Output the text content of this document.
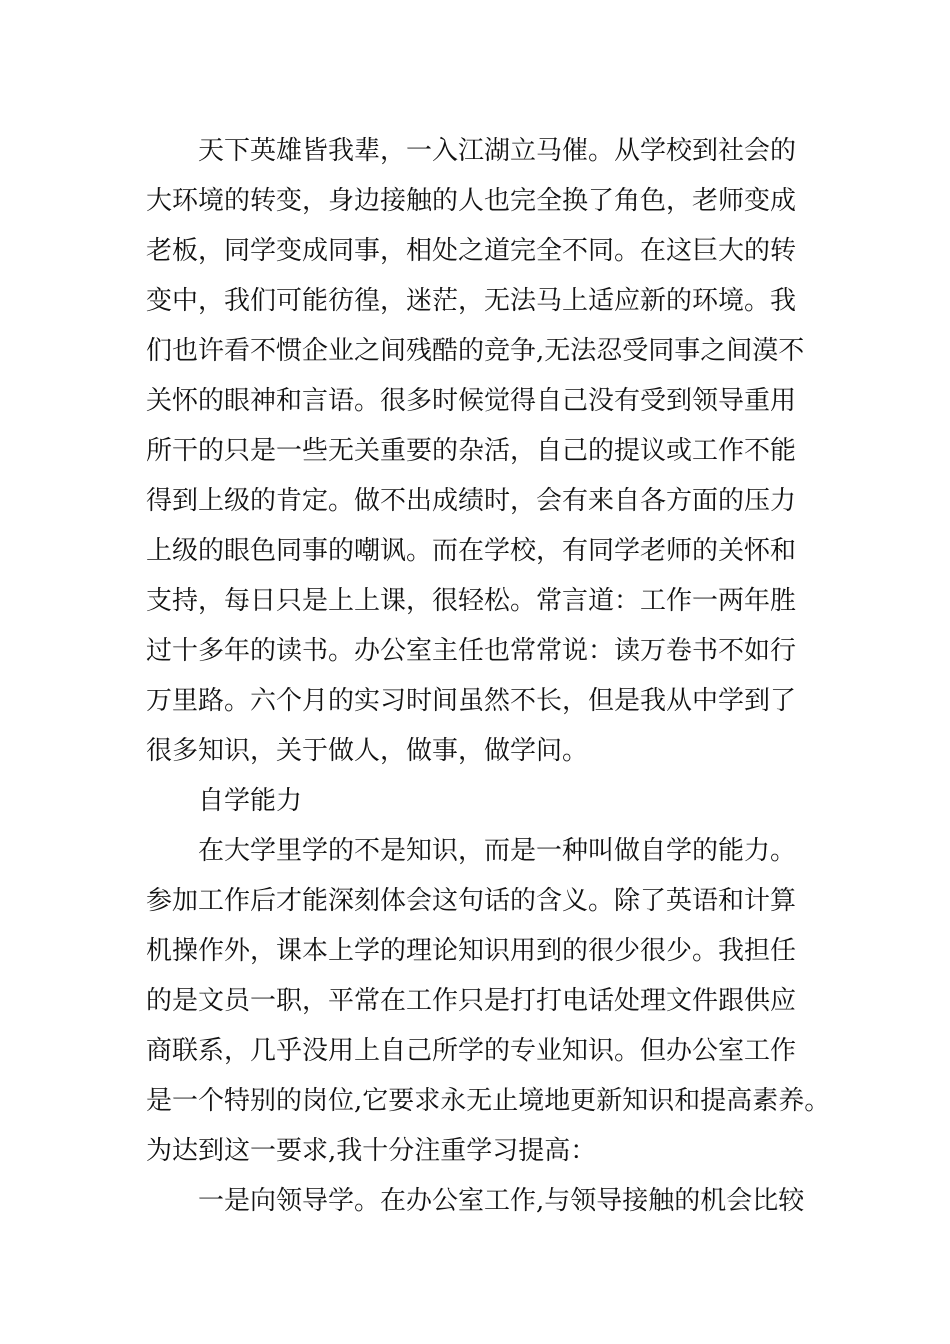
天下英雄皆我辈，一入江湖立马催。从学校到社会的
大环境的转变，身边接触的人也完全换了角色，老师变成
老板，同学变成同事，相处之道完全不同。在这巨大的转
变中，我们可能彷徨，迷茫，无法马上适应新的环境。我
们也许看不惯企业之间残酷的竞争,无法忍受同事之间漠不
关怀的眼神和言语。很多时候觉得自己没有受到领导重用
所干的只是一些无关重要的杂活，自己的提议或工作不能
得到上级的肯定。做不出成绩时，会有来自各方面的压力
上级的眼色同事的嘲讽。而在学校，有同学老师的关怀和
支持，每日只是上上课，很轻松。常言道：工作一两年胜
过十多年的读书。办公室主任也常常说：读万卷书不如行
万里路。六个月的实习时间虽然不长，但是我从中学到了
很多知识，关于做人，做事，做学问。
自学能力
在大学里学的不是知识，而是一种叫做自学的能力。
参加工作后才能深刻体会这句话的含义。除了英语和计算
机操作外，课本上学的理论知识用到的很少很少。我担任
的是文员一职，平常在工作只是打打电话处理文件跟供应
商联系，几乎没用上自己所学的专业知识。但办公室工作
是一个特别的岗位,它要求永无止境地更新知识和提高素养。
为达到这一要求,我十分注重学习提高：
一是向领导学。在办公室工作,与领导接触的机会比较
